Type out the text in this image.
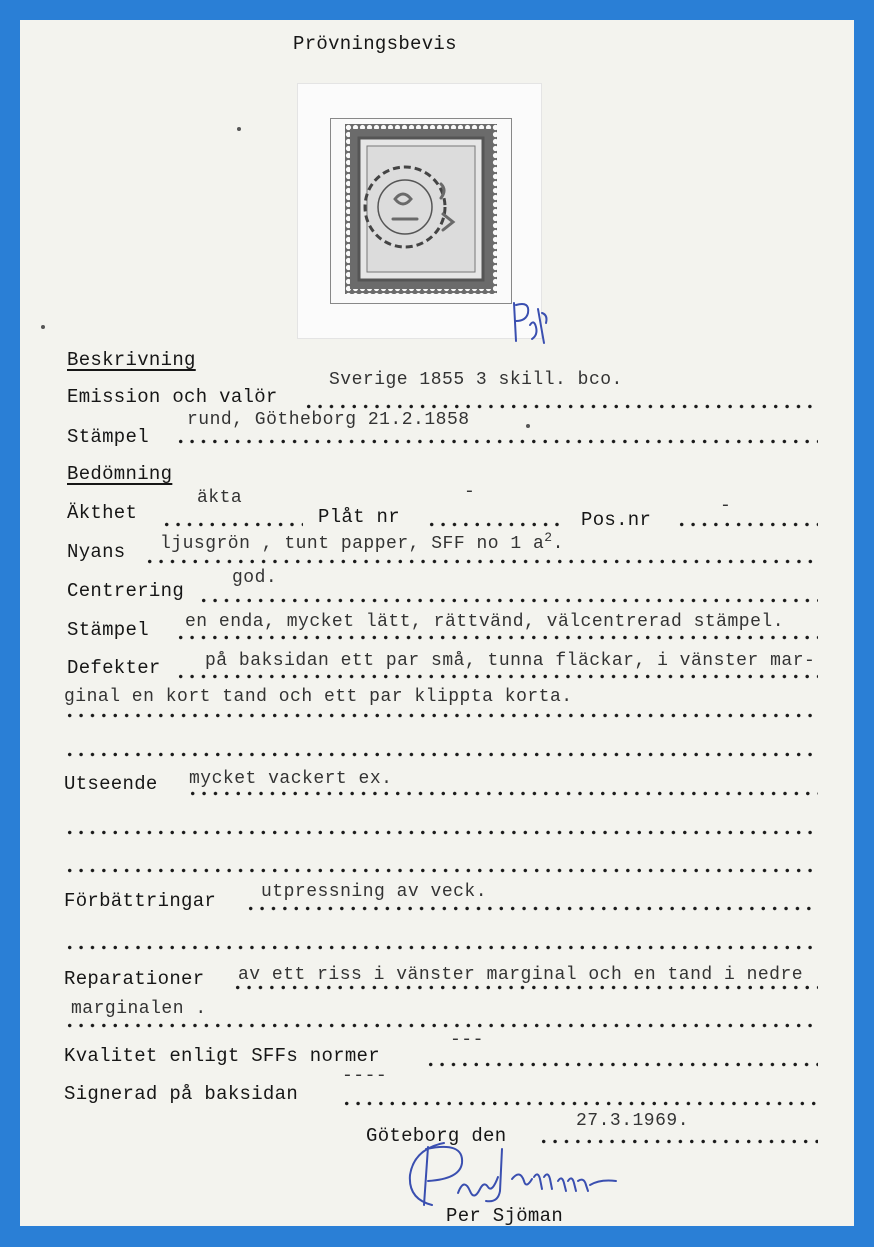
Prövningsbevis
Beskrivning
Emission och valör
Sverige 1855 3 skill. bco.
Stämpel
rund, Götheborg 21.2.1858
Bedömning
Äkthet
äkta
Plåt nr
-
Pos.nr
-
Nyans ljusgrön , tunt papper, SFF no 1 $a^2$.
Centrering
god.
Stämpel en enda, mycket lätt, rättvänd, välcentrerad stämpel.
Defekter på baksidan ett par små, tunna fläckar, i vänster mar-
ginal en kort tand och ett par klippta korta.
Utseende mycket vackert ex.
Förbättringar utpressning av veck.
Reparationer av ett riss i vänster marginal och en tand i nedre
marginalen .
Kvalitet enligt SFFs normer
---
Signerad på baksidan
----
Göteborg den
27.3.1969.
Per Sjöman
